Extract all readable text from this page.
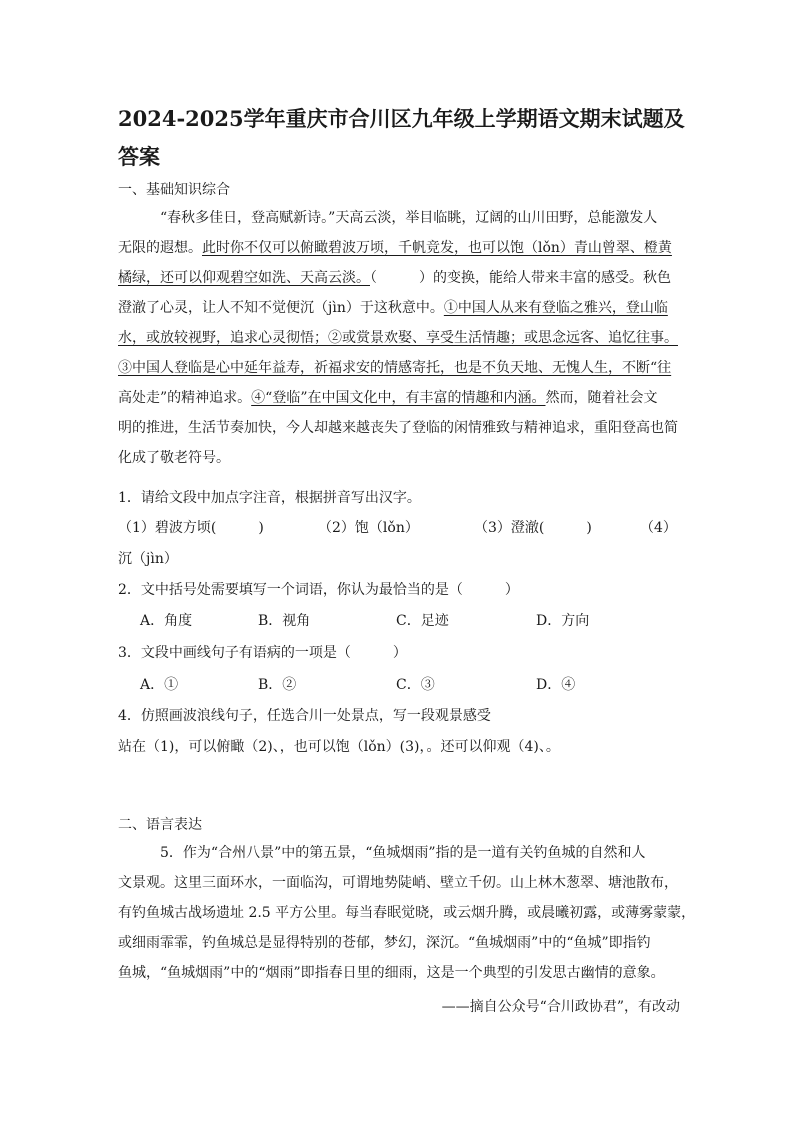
2024-2025学年重庆市合川区九年级上学期语文期末试题及答案
一、基础知识综合
“春秋多佳日，登高赋新诗。”天高云淡，举目临眺，辽阔的山川田野，总能激发人
无限的遐想。此时你不仅可以俯瞰碧波万顷，千帆竞发，也可以饱（lǒn）青山曾翠、橙黄
橘绿，还可以仰观碧空如洗、天高云淡。（　　　）的变换，能给人带来丰富的感受。秋色
澄澈了心灵，让人不知不觉便沉（jìn）于这秋意中。①中国人从来有登临之雅兴，登山临
水，或放较视野，追求心灵彻悟；②或赏景欢娶、享受生活情趣；或思念远客、追忆往事。
③中国人登临是心中延年益寿，祈福求安的情感寄托，也是不负天地、无愧人生，不断“往
高处走”的精神追求。④“登临”在中国文化中，有丰富的情趣和内涵。然而，随着社会文
明的推进，生活节奏加快，今人却越来越丧失了登临的闲情雅致与精神追求，重阳登高也简
化成了敬老符号。
1．请给文段中加点字注音，根据拼音写出汉字。
（1）碧波方顷(　　　)	（2）饱（lǒn）	（3）澄澈(　　　)	（4）
沉（jìn）
2．文中括号处需要填写一个词语，你认为最恰当的是（　　　）
A．角度	B．视角	C．足迹	D．方向
3．文段中画线句子有语病的一项是（　　　）
A．①	B．②	C．③	D．④
4．仿照画波浪线句子，任选合川一处景点，写一段观景感受
站在（1)，可以俯瞰（2)、，也可以饱（lǒn）(3)，。还可以仰观（4)、。
二、语言表达
5．作为“合州八景”中的第五景，“鱼城烟雨”指的是一道有关钓鱼城的自然和人
文景观。这里三面环水，一面临沟，可谓地势陡峭、壁立千仞。山上林木葱翠、塘池散布，
有钓鱼城古战场遗址 2.5 平方公里。每当春眠觉晓，或云烟升腾，或晨曦初露，或薄雾蒙蒙，
或细雨霏霏，钓鱼城总是显得特别的苍郁，梦幻，深沉。“鱼城烟雨”中的“鱼城”即指钓
鱼城，“鱼城烟雨”中的“烟雨”即指春日里的细雨，这是一个典型的引发思古幽情的意象。
——摘自公众号“合川政协君”，有改动
